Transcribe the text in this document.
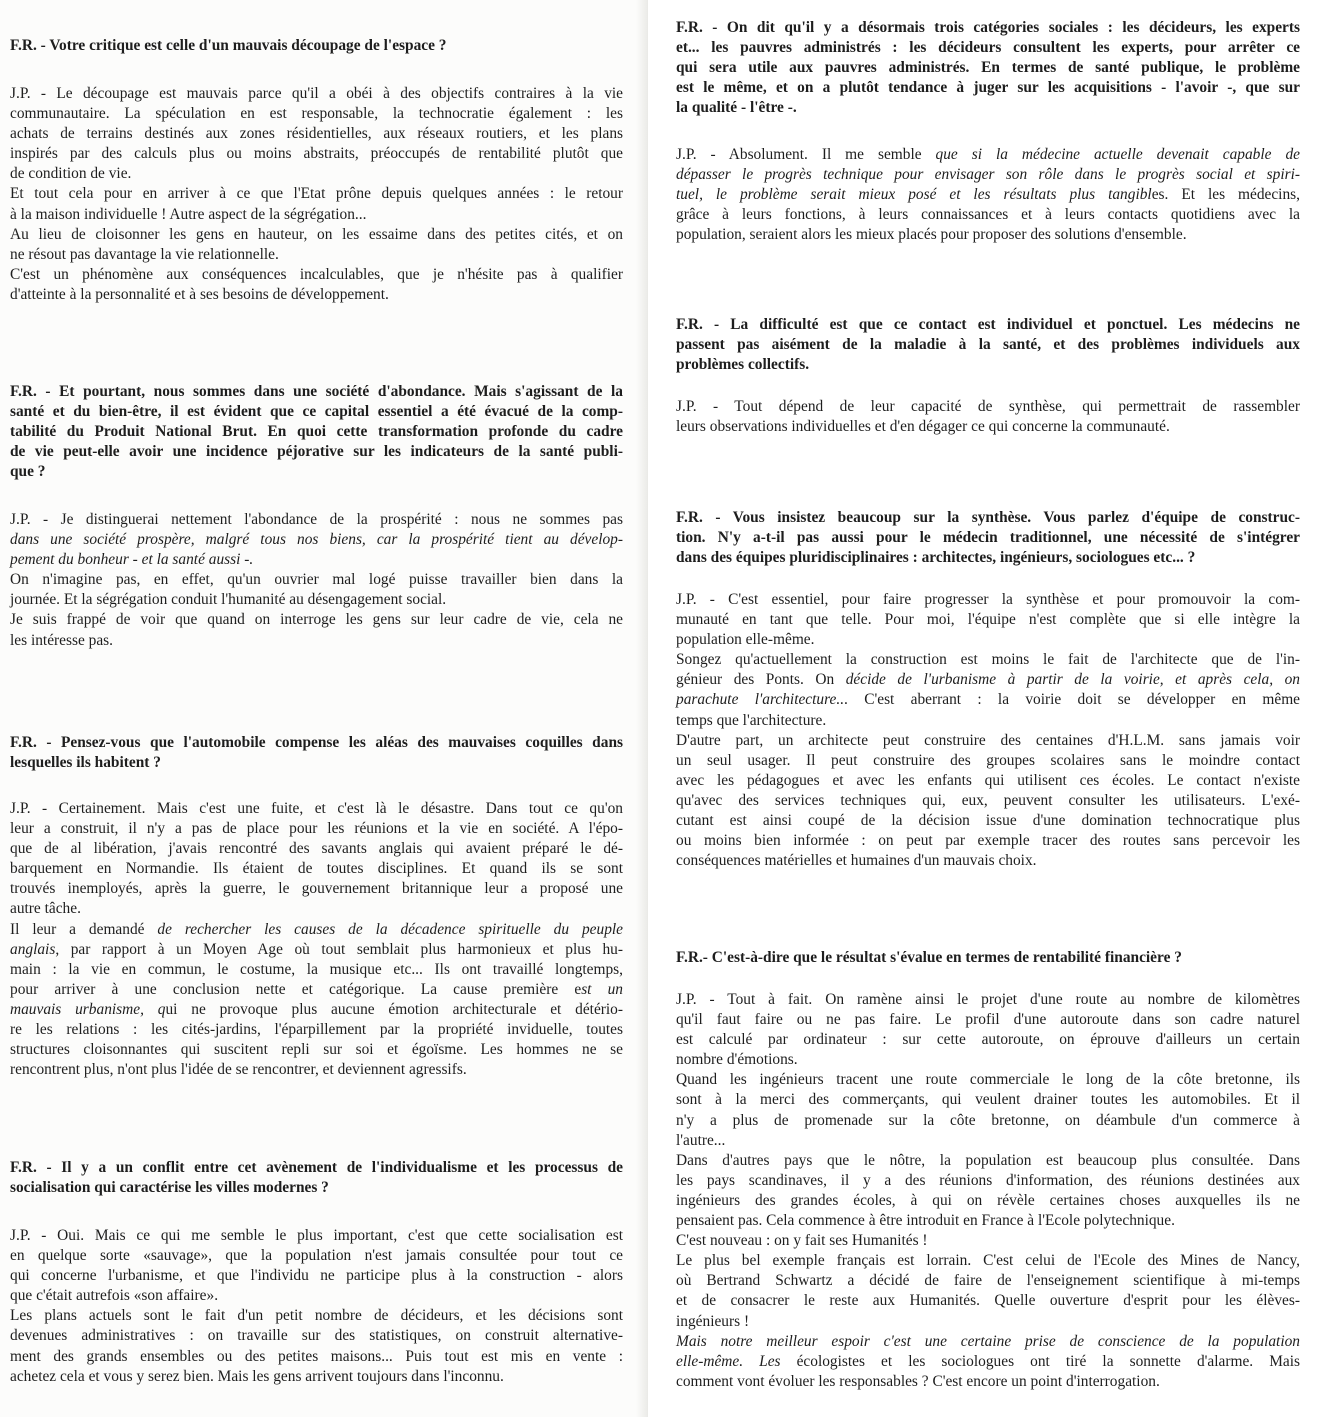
F.R. - Votre critique est celle d'un mauvais découpage de l'espace ?
J.P. - Le découpage est mauvais parce qu'il a obéi à des objectifs contraires à la vie
communautaire. La spéculation en est responsable, la technocratie également : les
achats de terrains destinés aux zones résidentielles, aux réseaux routiers, et les plans
inspirés par des calculs plus ou moins abstraits, préoccupés de rentabilité plutôt que
de condition de vie.
Et tout cela pour en arriver à ce que l'Etat prône depuis quelques années : le retour
à la maison individuelle ! Autre aspect de la ségrégation...
Au lieu de cloisonner les gens en hauteur, on les essaime dans des petites cités, et on
ne résout pas davantage la vie relationnelle.
C'est un phénomène aux conséquences incalculables, que je n'hésite pas à qualifier
d'atteinte à la personnalité et à ses besoins de développement.
F.R. - Et pourtant, nous sommes dans une société d'abondance. Mais s'agissant de la
santé et du bien-être, il est évident que ce capital essentiel a été évacué de la comp-
tabilité du Produit National Brut. En quoi cette transformation profonde du cadre
de vie peut-elle avoir une incidence péjorative sur les indicateurs de la santé publi-
que ?
J.P. - Je distinguerai nettement l'abondance de la prospérité : nous ne sommes pas
dans une société prospère, malgré tous nos biens, car la prospérité tient au dévelop-
pement du bonheur - et la santé aussi -.
On n'imagine pas, en effet, qu'un ouvrier mal logé puisse travailler bien dans la
journée. Et la ségrégation conduit l'humanité au désengagement social.
Je suis frappé de voir que quand on interroge les gens sur leur cadre de vie, cela ne
les intéresse pas.
F.R. - Pensez-vous que l'automobile compense les aléas des mauvaises coquilles dans
lesquelles ils habitent ?
J.P. - Certainement. Mais c'est une fuite, et c'est là le désastre. Dans tout ce qu'on
leur a construit, il n'y a pas de place pour les réunions et la vie en société. A l'épo-
que de al libération, j'avais rencontré des savants anglais qui avaient préparé le dé-
barquement en Normandie. Ils étaient de toutes disciplines. Et quand ils se sont
trouvés inemployés, après la guerre, le gouvernement britannique leur a proposé une
autre tâche.
Il leur a demandé de rechercher les causes de la décadence spirituelle du peuple
anglais, par rapport à un Moyen Age où tout semblait plus harmonieux et plus hu-
main : la vie en commun, le costume, la musique etc... Ils ont travaillé longtemps,
pour arriver à une conclusion nette et catégorique. La cause première est un
mauvais urbanisme, qui ne provoque plus aucune émotion architecturale et détério-
re les relations : les cités-jardins, l'éparpillement par la propriété inviduelle, toutes
structures cloisonnantes qui suscitent repli sur soi et égoïsme. Les hommes ne se
rencontrent plus, n'ont plus l'idée de se rencontrer, et deviennent agressifs.
F.R. - Il y a un conflit entre cet avènement de l'individualisme et les processus de
socialisation qui caractérise les villes modernes ?
J.P. - Oui. Mais ce qui me semble le plus important, c'est que cette socialisation est
en quelque sorte «sauvage», que la population n'est jamais consultée pour tout ce
qui concerne l'urbanisme, et que l'individu ne participe plus à la construction - alors
que c'était autrefois «son affaire».
Les plans actuels sont le fait d'un petit nombre de décideurs, et les décisions sont
devenues administratives : on travaille sur des statistiques, on construit alternative-
ment des grands ensembles ou des petites maisons... Puis tout est mis en vente :
achetez cela et vous y serez bien. Mais les gens arrivent toujours dans l'inconnu.
F.R. - On dit qu'il y a désormais trois catégories sociales : les décideurs, les experts
et... les pauvres administrés : les décideurs consultent les experts, pour arrêter ce
qui sera utile aux pauvres administrés. En termes de santé publique, le problème
est le même, et on a plutôt tendance à juger sur les acquisitions - l'avoir -, que sur
la qualité - l'être -.
J.P. - Absolument. Il me semble que si la médecine actuelle devenait capable de
dépasser le progrès technique pour envisager son rôle dans le progrès social et spiri-
tuel, le problème serait mieux posé et les résultats plus tangibles. Et les médecins,
grâce à leurs fonctions, à leurs connaissances et à leurs contacts quotidiens avec la
population, seraient alors les mieux placés pour proposer des solutions d'ensemble.
F.R. - La difficulté est que ce contact est individuel et ponctuel. Les médecins ne
passent pas aisément de la maladie à la santé, et des problèmes individuels aux
problèmes collectifs.
J.P. - Tout dépend de leur capacité de synthèse, qui permettrait de rassembler
leurs observations individuelles et d'en dégager ce qui concerne la communauté.
F.R. - Vous insistez beaucoup sur la synthèse. Vous parlez d'équipe de construc-
tion. N'y a-t-il pas aussi pour le médecin traditionnel, une nécessité de s'intégrer
dans des équipes pluridisciplinaires : architectes, ingénieurs, sociologues etc... ?
J.P. - C'est essentiel, pour faire progresser la synthèse et pour promouvoir la com-
munauté en tant que telle. Pour moi, l'équipe n'est complète que si elle intègre la
population elle-même.
Songez qu'actuellement la construction est moins le fait de l'architecte que de l'in-
génieur des Ponts. On décide de l'urbanisme à partir de la voirie, et après cela, on
parachute l'architecture... C'est aberrant : la voirie doit se développer en même
temps que l'architecture.
D'autre part, un architecte peut construire des centaines d'H.L.M. sans jamais voir
un seul usager. Il peut construire des groupes scolaires sans le moindre contact
avec les pédagogues et avec les enfants qui utilisent ces écoles. Le contact n'existe
qu'avec des services techniques qui, eux, peuvent consulter les utilisateurs. L'exé-
cutant est ainsi coupé de la décision issue d'une domination technocratique plus
ou moins bien informée : on peut par exemple tracer des routes sans percevoir les
conséquences matérielles et humaines d'un mauvais choix.
F.R.- C'est-à-dire que le résultat s'évalue en termes de rentabilité financière ?
J.P. - Tout à fait. On ramène ainsi le projet d'une route au nombre de kilomètres
qu'il faut faire ou ne pas faire. Le profil d'une autoroute dans son cadre naturel
est calculé par ordinateur : sur cette autoroute, on éprouve d'ailleurs un certain
nombre d'émotions.
Quand les ingénieurs tracent une route commerciale le long de la côte bretonne, ils
sont à la merci des commerçants, qui veulent drainer toutes les automobiles. Et il
n'y a plus de promenade sur la côte bretonne, on déambule d'un commerce à
l'autre...
Dans d'autres pays que le nôtre, la population est beaucoup plus consultée. Dans
les pays scandinaves, il y a des réunions d'information, des réunions destinées aux
ingénieurs des grandes écoles, à qui on révèle certaines choses auxquelles ils ne
pensaient pas. Cela commence à être introduit en France à l'Ecole polytechnique.
C'est nouveau : on y fait ses Humanités !
Le plus bel exemple français est lorrain. C'est celui de l'Ecole des Mines de Nancy,
où Bertrand Schwartz a décidé de faire de l'enseignement scientifique à mi-temps
et de consacrer le reste aux Humanités. Quelle ouverture d'esprit pour les élèves-
ingénieurs !
Mais notre meilleur espoir c'est une certaine prise de conscience de la population
elle-même. Les écologistes et les sociologues ont tiré la sonnette d'alarme. Mais
comment vont évoluer les responsables ? C'est encore un point d'interrogation.
